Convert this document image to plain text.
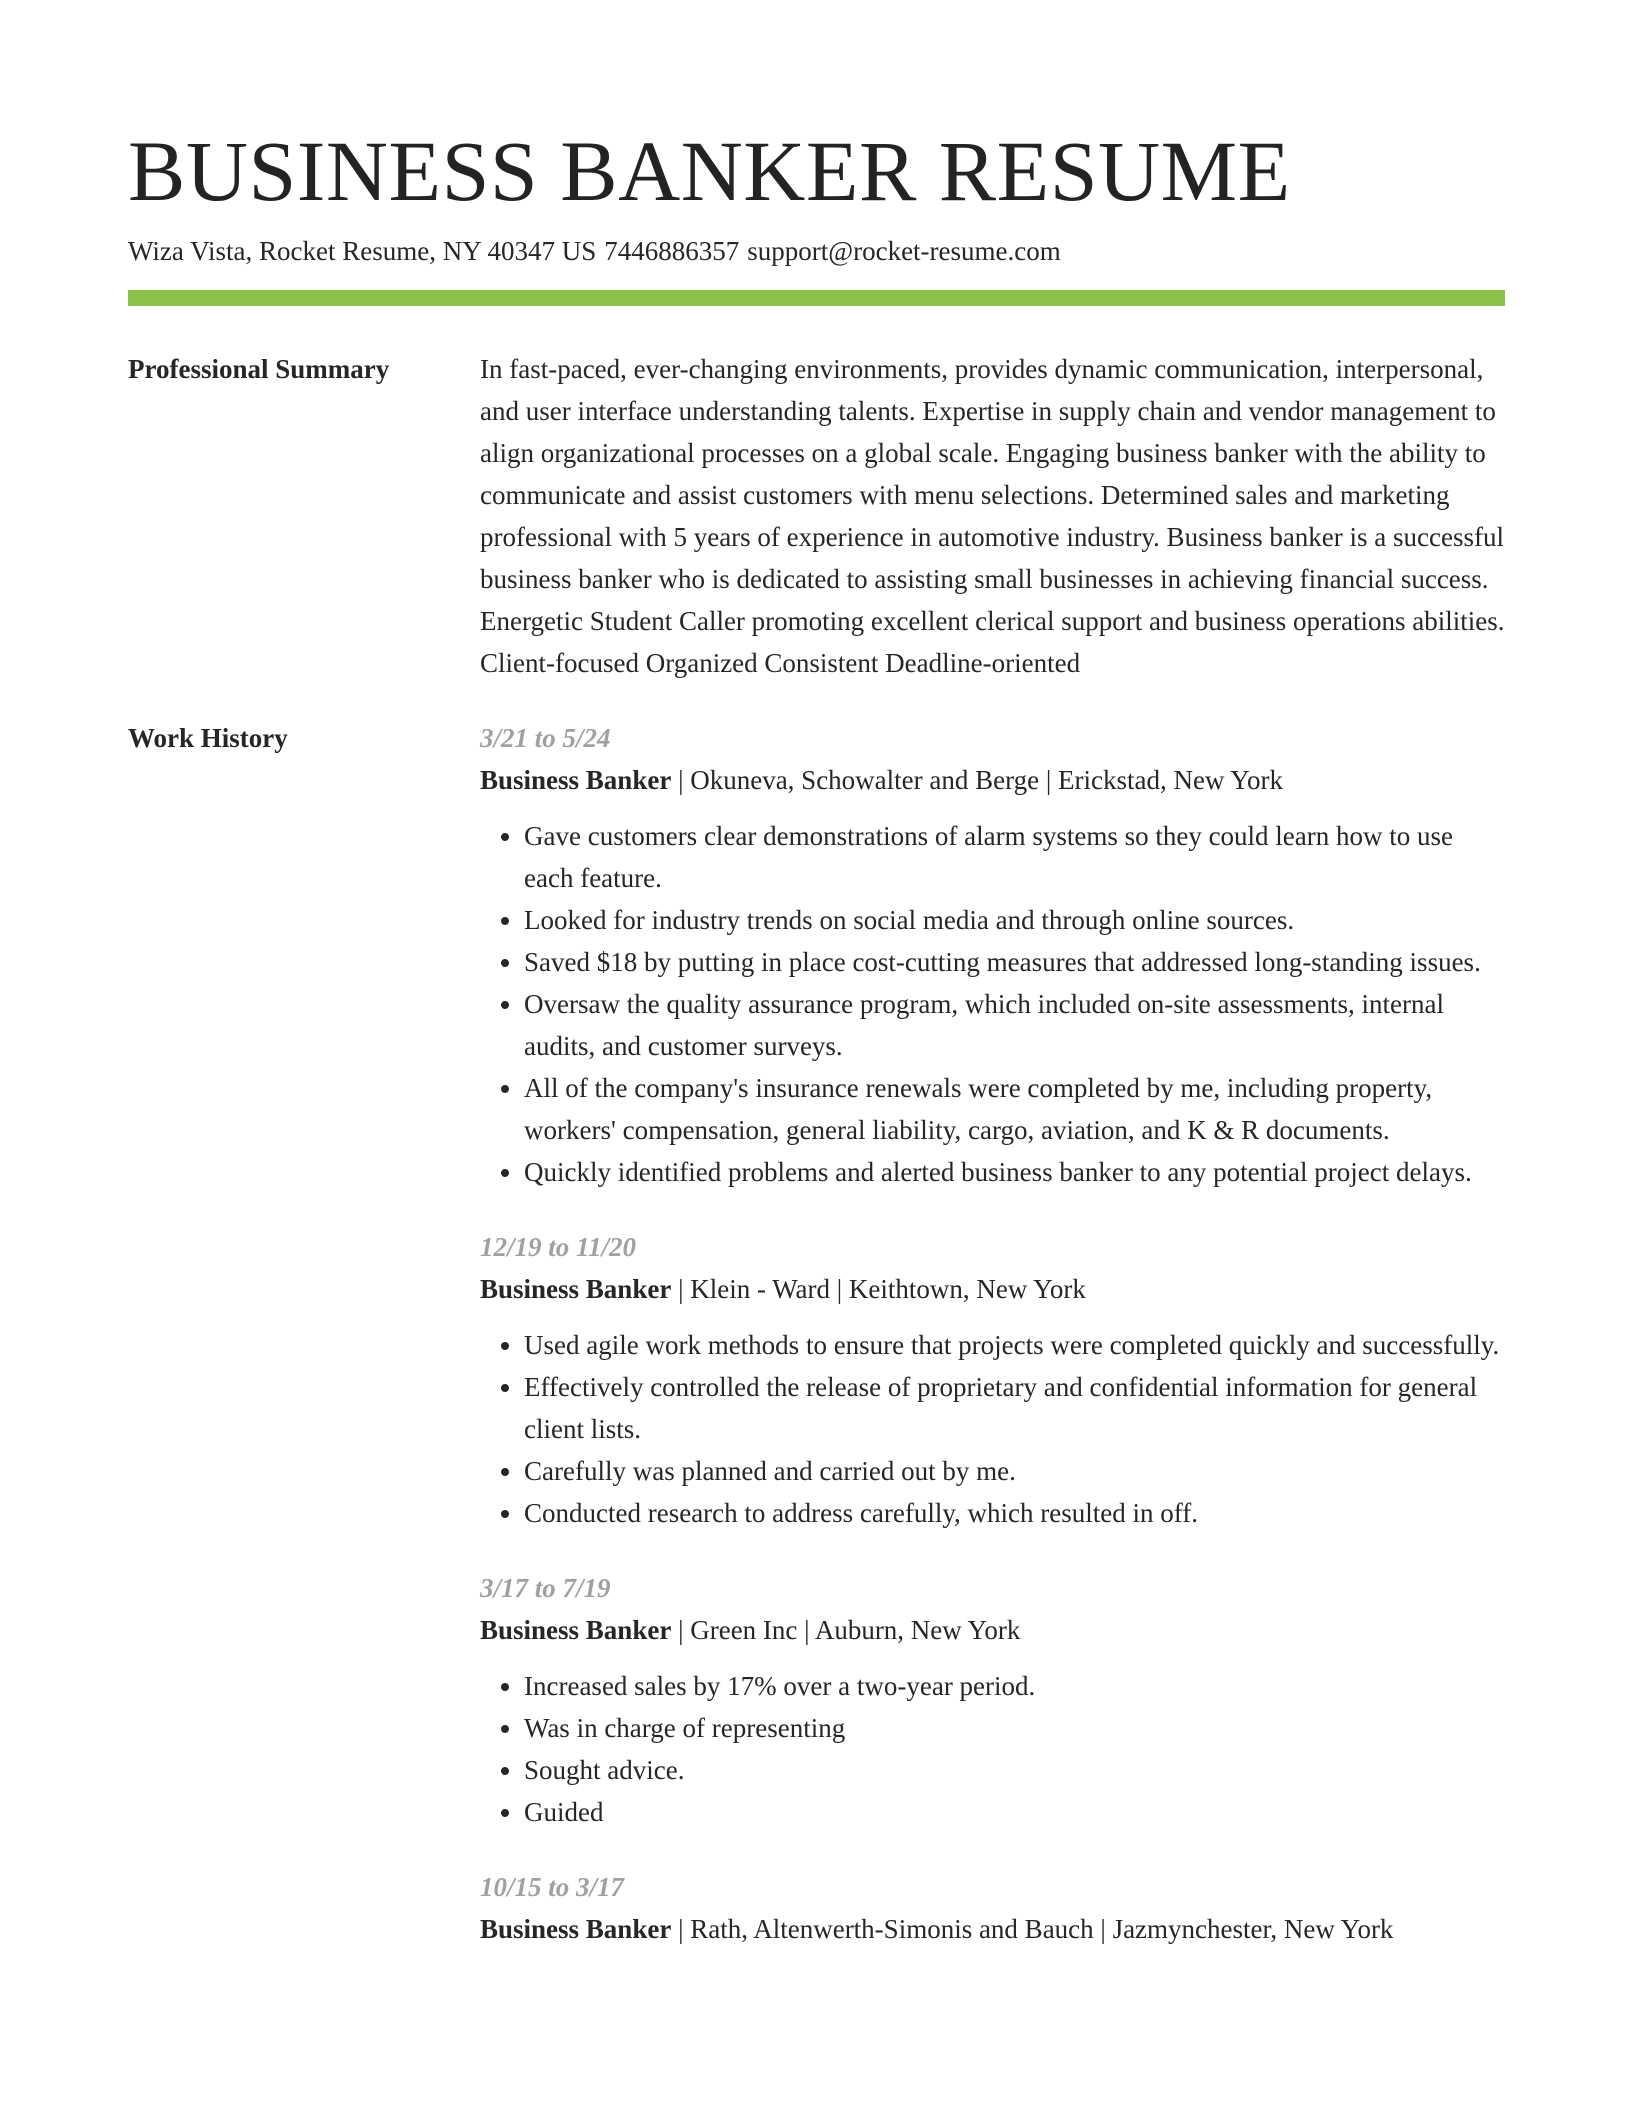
BUSINESS BANKER RESUME
Wiza Vista, Rocket Resume, NY 40347 US 7446886357 support@rocket-resume.com
Professional Summary	In fast-paced, ever-changing environments, provides dynamic communication, interpersonal, and user interface understanding talents. Expertise in supply chain and vendor management to align organizational processes on a global scale. Engaging business banker with the ability to communicate and assist customers with menu selections. Determined sales and marketing professional with 5 years of experience in automotive industry. Business banker is a successful business banker who is dedicated to assisting small businesses in achieving financial success. Energetic Student Caller promoting excellent clerical support and business operations abilities. Client-focused Organized Consistent Deadline-oriented
Work History	3/21 to 5/24
Business Banker | Okuneva, Schowalter and Berge | Erickstad, New York
• Gave customers clear demonstrations of alarm systems so they could learn how to use each feature.
• Looked for industry trends on social media and through online sources.
• Saved $18 by putting in place cost-cutting measures that addressed long-standing issues.
• Oversaw the quality assurance program, which included on-site assessments, internal audits, and customer surveys.
• All of the company's insurance renewals were completed by me, including property, workers' compensation, general liability, cargo, aviation, and K & R documents.
• Quickly identified problems and alerted business banker to any potential project delays.
12/19 to 11/20
Business Banker | Klein - Ward | Keithtown, New York
• Used agile work methods to ensure that projects were completed quickly and successfully.
• Effectively controlled the release of proprietary and confidential information for general client lists.
• Carefully was planned and carried out by me.
• Conducted research to address carefully, which resulted in off.
3/17 to 7/19
Business Banker | Green Inc | Auburn, New York
• Increased sales by 17% over a two-year period.
• Was in charge of representing
• Sought advice.
• Guided
10/15 to 3/17
Business Banker | Rath, Altenwerth-Simonis and Bauch | Jazmynchester, New York
